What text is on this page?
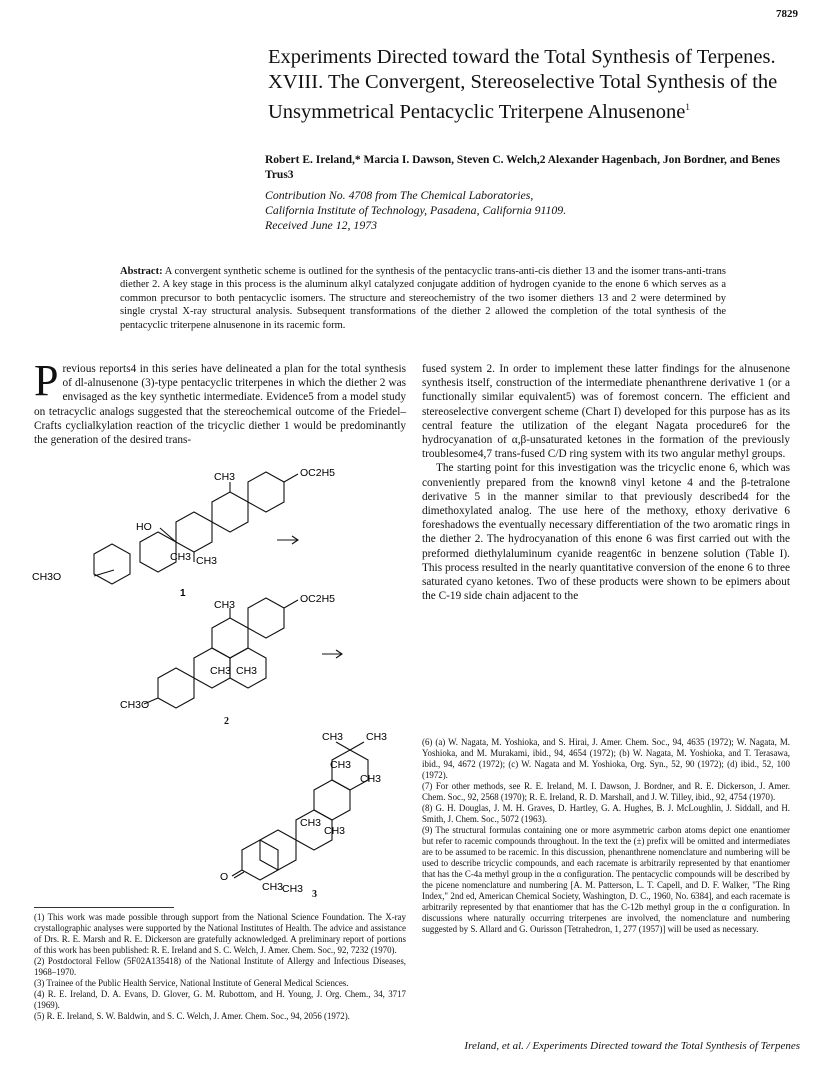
7829
Experiments Directed toward the Total Synthesis of Terpenes. XVIII. The Convergent, Stereoselective Total Synthesis of the Unsymmetrical Pentacyclic Triterpene Alnusenone$^1$
Robert E. Ireland,* Marcia I. Dawson, Steven C. Welch,2 Alexander Hagenbach, Jon Bordner, and Benes Trus3
Contribution No. 4708 from The Chemical Laboratories,
California Institute of Technology, Pasadena, California 91109.
Received June 12, 1973
Abstract: A convergent synthetic scheme is outlined for the synthesis of the pentacyclic trans-anti-cis diether 13 and the isomer trans-anti-trans diether 2. A key stage in this process is the aluminum alkyl catalyzed conjugate addition of hydrogen cyanide to the enone 6 which serves as a common precursor to both pentacyclic isomers. The structure and stereochemistry of the two isomer diethers 13 and 2 were determined by single crystal X-ray structural analysis. Subsequent transformations of the diether 2 allowed the completion of the total synthesis of the pentacyclic triterpene alnusenone in its racemic form.
Previous reports4 in this series have delineated a plan for the total synthesis of dl-alnusenone (3)-type pentacyclic triterpenes in which the diether 2 was envisaged as the key synthetic intermediate. Evidence5 from a model study on tetracyclic analogs suggested that the stereochemical outcome of the Friedel–Crafts cyclialkylation reaction of the tricyclic diether 1 would be predominantly the generation of the desired trans-

fused system 2. In order to implement these latter findings for the alnusenone synthesis itself, construction of the intermediate phenanthrene derivative 1 (or a functionally similar equivalent5) was of foremost concern. The efficient and stereoselective convergent scheme (Chart I) developed for this purpose has as its central feature the utilization of the elegant Nagata procedure6 for the hydrocyanation of α,β-unsaturated ketones in the formation of the previously troublesome4,7 trans-fused C/D ring system with its two angular methyl groups.

The starting point for this investigation was the tricyclic enone 6, which was conveniently prepared from the known8 vinyl ketone 4 and the β-tetralone derivative 5 in the manner similar to that previously described4 for the dimethoxylated analog. The use here of the methoxy, ethoxy derivative 6 foreshadows the eventually necessary differentiation of the two aromatic rings in the diether 2. The hydrocyanation of this enone 6 was first carried out with the preformed diethylaluminum cyanide reagent6c in benzene solution (Table I). This process resulted in the nearly quantitative conversion of the enone 6 to three saturated cyano ketones. Two of these products were shown to be epimers about the C-19 side chain adjacent to the

OC2H5
CH3
HO
CH3 CH3
CH3O
1	OC2H5
CH3
CH3 CH3
CH3O
2
CH3 CH3
CH3
CH3
CH3
CH3
CH3
CH3
O
3

(1) This work was made possible through support from the National Science Foundation. The X-ray crystallographic analyses were supported by the National Institutes of Health. The advice and assistance of Drs. R. E. Marsh and R. E. Dickerson are gratefully acknowledged. A preliminary report of portions of this work has been published: R. E. Ireland and S. C. Welch, J. Amer. Chem. Soc., 92, 7232 (1970).

(2) Postdoctoral Fellow (5F02A135418) of the National Institute of Allergy and Infectious Diseases, 1968–1970.

(3) Trainee of the Public Health Service, National Institute of General Medical Sciences.

(4) R. E. Ireland, D. A. Evans, D. Glover, G. M. Rubottom, and H. Young, J. Org. Chem., 34, 3717 (1969).

(5) R. E. Ireland, S. W. Baldwin, and S. C. Welch, J. Amer. Chem. Soc., 94, 2056 (1972).

(6) (a) W. Nagata, M. Yoshioka, and S. Hirai, J. Amer. Chem. Soc., 94, 4635 (1972); W. Nagata, M. Yoshioka, and M. Murakami, ibid., 94, 4654 (1972); (b) W. Nagata, M. Yoshioka, and T. Terasawa, ibid., 94, 4672 (1972); (c) W. Nagata and M. Yoshioka, Org. Syn., 52, 90 (1972); (d) ibid., 52, 100 (1972).

(7) For other methods, see R. E. Ireland, M. I. Dawson, J. Bordner, and R. E. Dickerson, J. Amer. Chem. Soc., 92, 2568 (1970); R. E. Ireland, R. D. Marshall, and J. W. Tilley, ibid., 92, 4754 (1970).

(8) G. H. Douglas, J. M. H. Graves, D. Hartley, G. A. Hughes, B. J. McLoughlin, J. Siddall, and H. Smith, J. Chem. Soc., 5072 (1963).

(9) The structural formulas containing one or more asymmetric carbon atoms depict one enantiomer but refer to racemic compounds throughout. In the text the (±) prefix will be omitted and intermediates are to be assumed to be racemic. In this discussion, phenanthrene nomenclature and numbering will be used to describe tricyclic compounds, and each racemate is arbitrarily represented by that enantiomer that has the C-4a methyl group in the α configuration. The pentacyclic compounds will be described by the picene nomenclature and numbering [A. M. Patterson, L. T. Capell, and D. F. Walker, "The Ring Index," 2nd ed, American Chemical Society, Washington, D. C., 1960, No. 6384], and each racemate is arbitrarily represented by that enantiomer that has the C-12b methyl group in the α configuration. In discussions where naturally occurring triterpenes are involved, the nomenclature and numbering suggested by S. Allard and G. Ourisson [Tetrahedron, 1, 277 (1957)] will be used as necessary.

Ireland, et al. / Experiments Directed toward the Total Synthesis of Terpenes
